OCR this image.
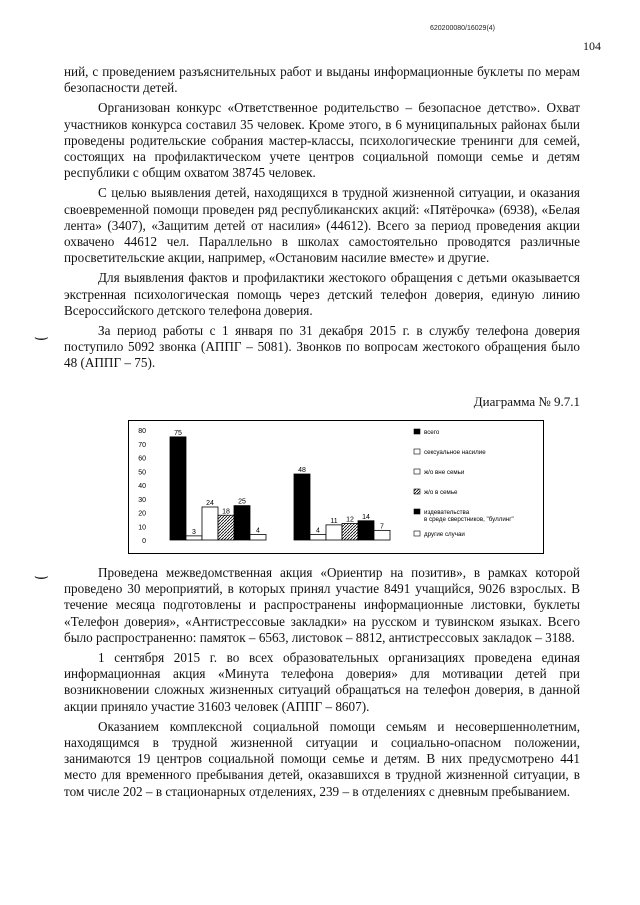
620200080/16029(4)
104

ний, с проведением разъяснительных работ и выданы информационные буклеты по мерам безопасности детей.

Организован конкурс «Ответственное родительство – безопасное детство». Охват участников конкурса составил 35 человек. Кроме этого, в 6 муниципальных районах были проведены родительские собрания мастер-классы, психологические тренинги для семей, состоящих на профилактическом учете центров социальной помощи семье и детям республики с общим охватом 38745 человек.

С целью выявления детей, находящихся в трудной жизненной ситуации, и оказания своевременной помощи проведен ряд республиканских акций: «Пятёрочка» (6938), «Белая лента» (3407), «Защитим детей от насилия» (44612). Всего за период проведения акции охвачено 44612 чел. Параллельно в школах самостоятельно проводятся различные просветительские акции, например, «Остановим насилие вместе» и другие.

Для выявления фактов и профилактики жестокого обращения с детьми оказывается экстренная психологическая помощь через детский телефон доверия, единую линию Всероссийского детского телефона доверия.

За период работы с 1 января по 31 декабря 2015 г. в службу телефона доверия поступило 5092 звонка (АППГ – 5081). Звонков по вопросам жестокого обращения было 48 (АППГ – 75).

⌣
⌣
Диаграмма № 9.7.1
0
10
20
30
40
50
60
70
80	75
3
24
18
25
4
48
4
11 12 14
7
всего
сексуальное насилие
ж/о вне семьи
ж/о в семье
издевательства
в среде сверстников, "буллинг"
другие случаи

Проведена межведомственная акция «Ориентир на позитив», в рамках которой проведено 30 мероприятий, в которых принял участие 8491 учащийся, 9026 взрослых. В течение месяца подготовлены и распространены информационные листовки, буклеты «Телефон доверия», «Антистрессовые закладки» на русском и тувинском языках. Всего было распространенно: памяток – 6563, листовок – 8812, антистрессовых закладок – 3188.

1 сентября 2015 г. во всех образовательных организациях проведена единая информационная акция «Минута телефона доверия» для мотивации детей при возникновении сложных жизненных ситуаций обращаться на телефон доверия, в данной акции приняло участие 31603 человек (АППГ – 8607).

Оказанием комплексной социальной помощи семьям и несовершеннолетним, находящимся в трудной жизненной ситуации и социально-опасном положении, занимаются 19 центров социальной помощи семье и детям. В них предусмотрено 441 место для временного пребывания детей, оказавшихся в трудной жизненной ситуации, в том числе 202 – в стационарных отделениях, 239 – в отделениях с дневным пребыванием.
